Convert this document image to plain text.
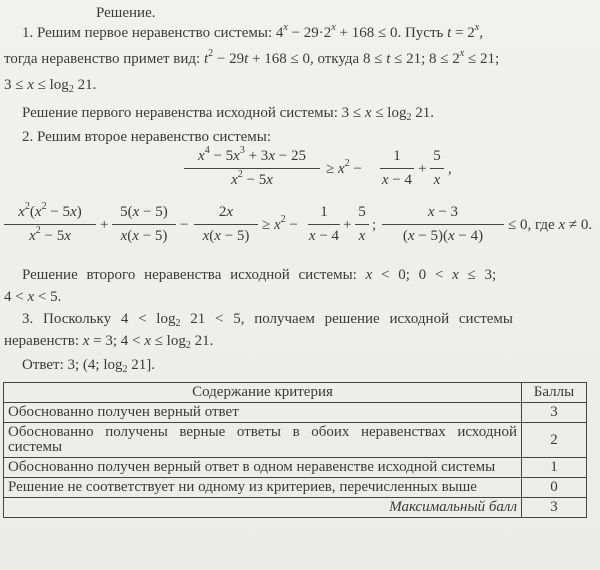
Решение.
1. Решим первое неравенство системы: $4^x - 29\cdot 2^x + 168 \le 0$. Пусть $t = 2^x$,
тогда неравенство примет вид: $t^2 - 29t + 168 \le 0$, откуда 8 ≤ t ≤ 21; $8 \le 2^x \le 21$;
$3 \le x \le \log_2 21$.
Решение первого неравенства исходной системы: $3 \le x \le \log_2 21$.
2. Решим второе неравенство системы:
$x^4 - 5x^3 + 3x - 25$
$x^2 - 5x$
≥ $x^2$ −
1
x − 4
+
5
x
,
$x^2(x^2 - 5x)$
$x^2 - 5x$
+
5(x − 5)
x(x − 5)
−
2x
x(x − 5)
≥ $x^2$ −
1
x − 4
+
5
x
;
x − 3
(x − 5)(x − 4)
≤ 0, где x ≠ 0.
Решение второго неравенства исходной системы: x < 0; 0 < x ≤ 3;
4 < x < 5.
3. Поскольку $4 < \log_2 21 < 5$, получаем решение исходной системы
неравенств: x = 3; $4 < x \le \log_2 21$.
Ответ: 3; (4; $\log_2 21$].
Содержание критерия	Баллы
Обоснованно получен верный ответ	3
Обоснованно получены верные ответы в обоих неравенствах исходной системы	2
Обоснованно получен верный ответ в одном неравенстве исходной системы	1
Решение не соответствует ни одному из критериев, перечисленных выше	0
Максимальный балл	3
